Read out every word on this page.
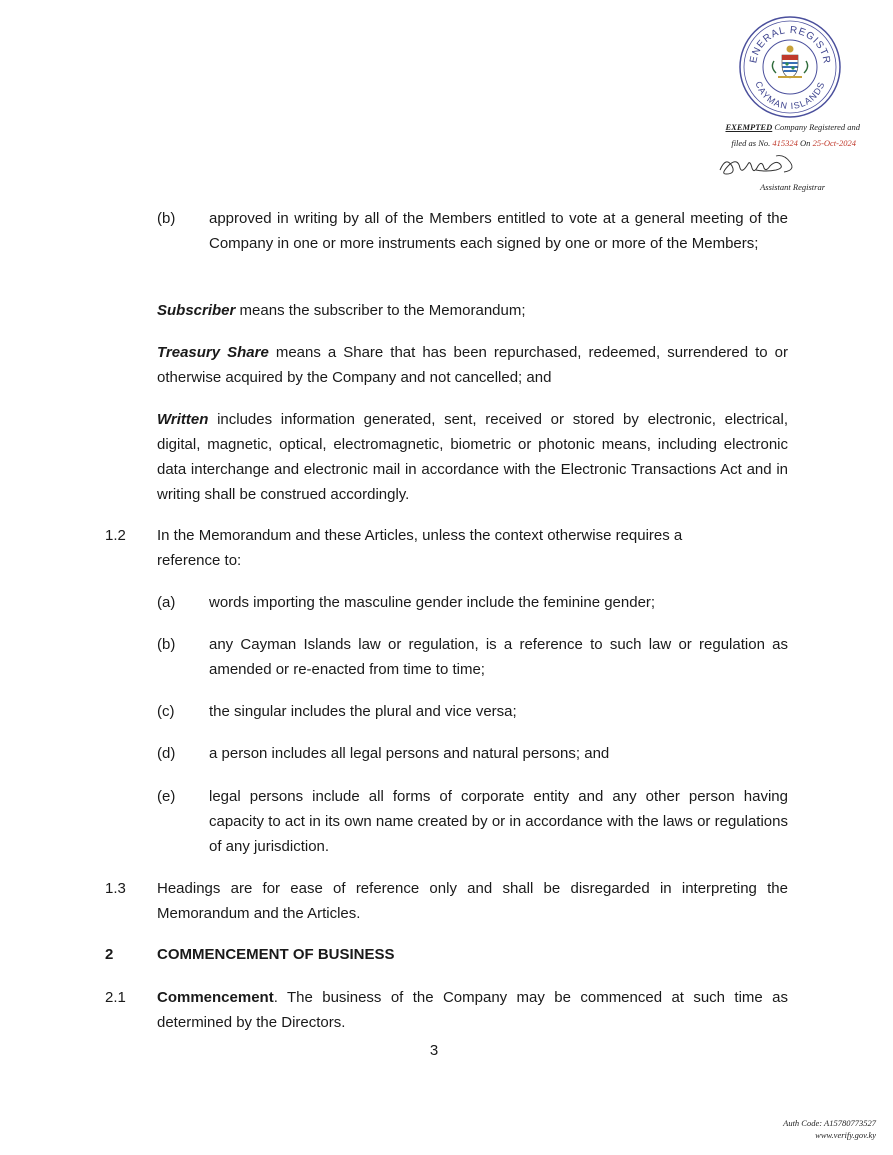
ENERAL REGISTR
CAYMAN ISLANDS
EXEMPTED Company Registered and
filed as No. 415324 On 25-Oct-2024
Assistant Registrar
(b) approved in writing by all of the Members entitled to vote at a general meeting of the Company in one or more instruments each signed by one or more of the Members;
Subscriber means the subscriber to the Memorandum;
Treasury Share means a Share that has been repurchased, redeemed, surrendered to or otherwise acquired by the Company and not cancelled; and
Written includes information generated, sent, received or stored by electronic, electrical, digital, magnetic, optical, electromagnetic, biometric or photonic means, including electronic data interchange and electronic mail in accordance with the Electronic Transactions Act and in writing shall be construed accordingly.
1.2 In the Memorandum and these Articles, unless the context otherwise requires a reference to:
(a) words importing the masculine gender include the feminine gender;
(b) any Cayman Islands law or regulation, is a reference to such law or regulation as amended or re-enacted from time to time;
(c) the singular includes the plural and vice versa;
(d) a person includes all legal persons and natural persons; and
(e) legal persons include all forms of corporate entity and any other person having capacity to act in its own name created by or in accordance with the laws or regulations of any jurisdiction.
1.3 Headings are for ease of reference only and shall be disregarded in interpreting the Memorandum and the Articles.
2	COMMENCEMENT OF BUSINESS
2.1 Commencement. The business of the Company may be commenced at such time as determined by the Directors.
3
Auth Code: A15780773527
www.verify.gov.ky
